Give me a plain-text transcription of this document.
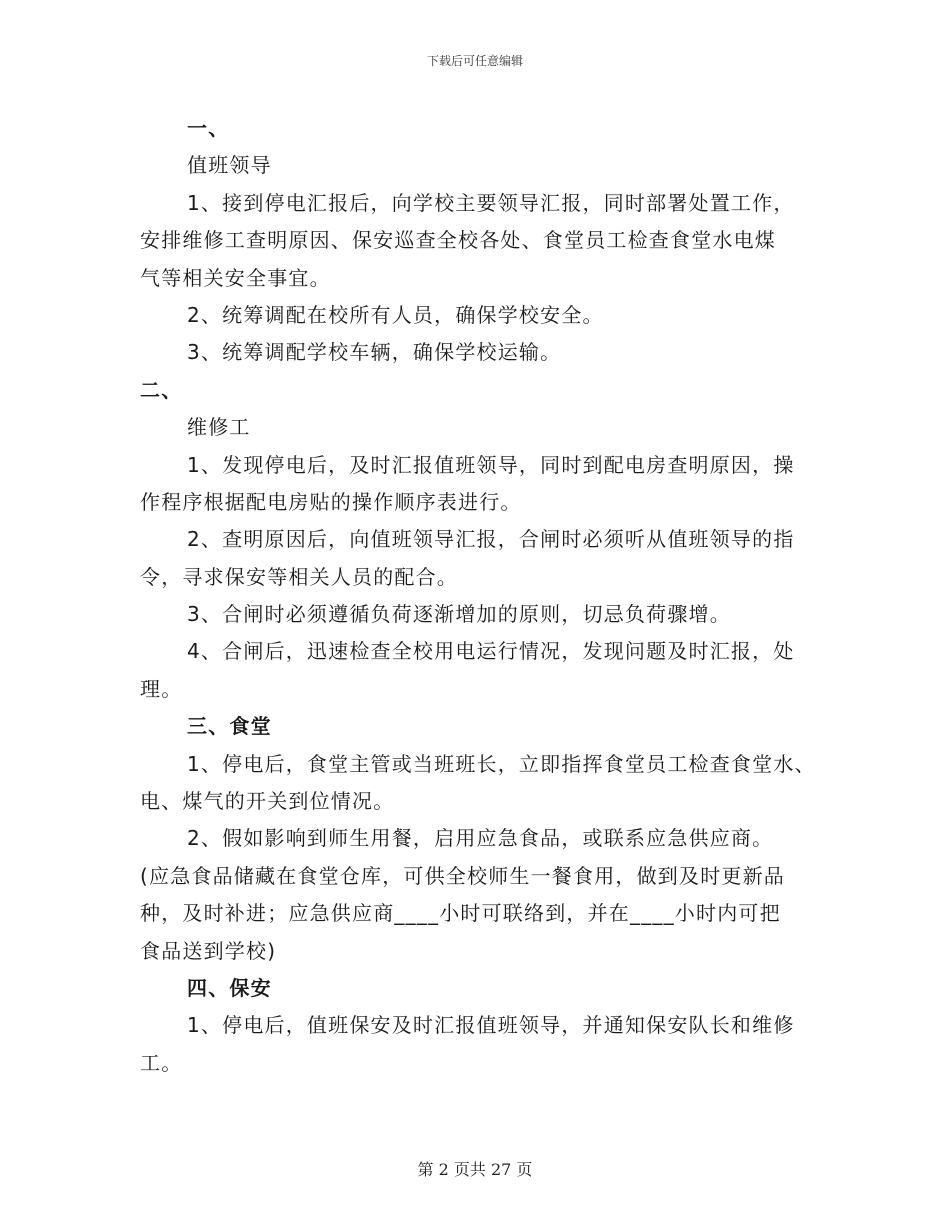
下载后可任意编辑
一、
值班领导
1、接到停电汇报后，向学校主要领导汇报，同时部署处置工作，
安排维修工查明原因、保安巡查全校各处、食堂员工检查食堂水电煤
气等相关安全事宜。
2、统筹调配在校所有人员，确保学校安全。
3、统筹调配学校车辆，确保学校运输。
二、
维修工
1、发现停电后，及时汇报值班领导，同时到配电房查明原因，操
作程序根据配电房贴的操作顺序表进行。
2、查明原因后，向值班领导汇报，合闸时必须听从值班领导的指
令，寻求保安等相关人员的配合。
3、合闸时必须遵循负荷逐渐增加的原则，切忌负荷骤增。
4、合闸后，迅速检查全校用电运行情况，发现问题及时汇报，处
理。
三、食堂
1、停电后，食堂主管或当班班长，立即指挥食堂员工检查食堂水、
电、煤气的开关到位情况。
2、假如影响到师生用餐，启用应急食品，或联系应急供应商。
(应急食品储藏在食堂仓库，可供全校师生一餐食用，做到及时更新品
种，及时补进；应急供应商____小时可联络到，并在____小时内可把
食品送到学校)
四、保安
1、停电后，值班保安及时汇报值班领导，并通知保安队长和维修
工。
第 2 页共 27 页
